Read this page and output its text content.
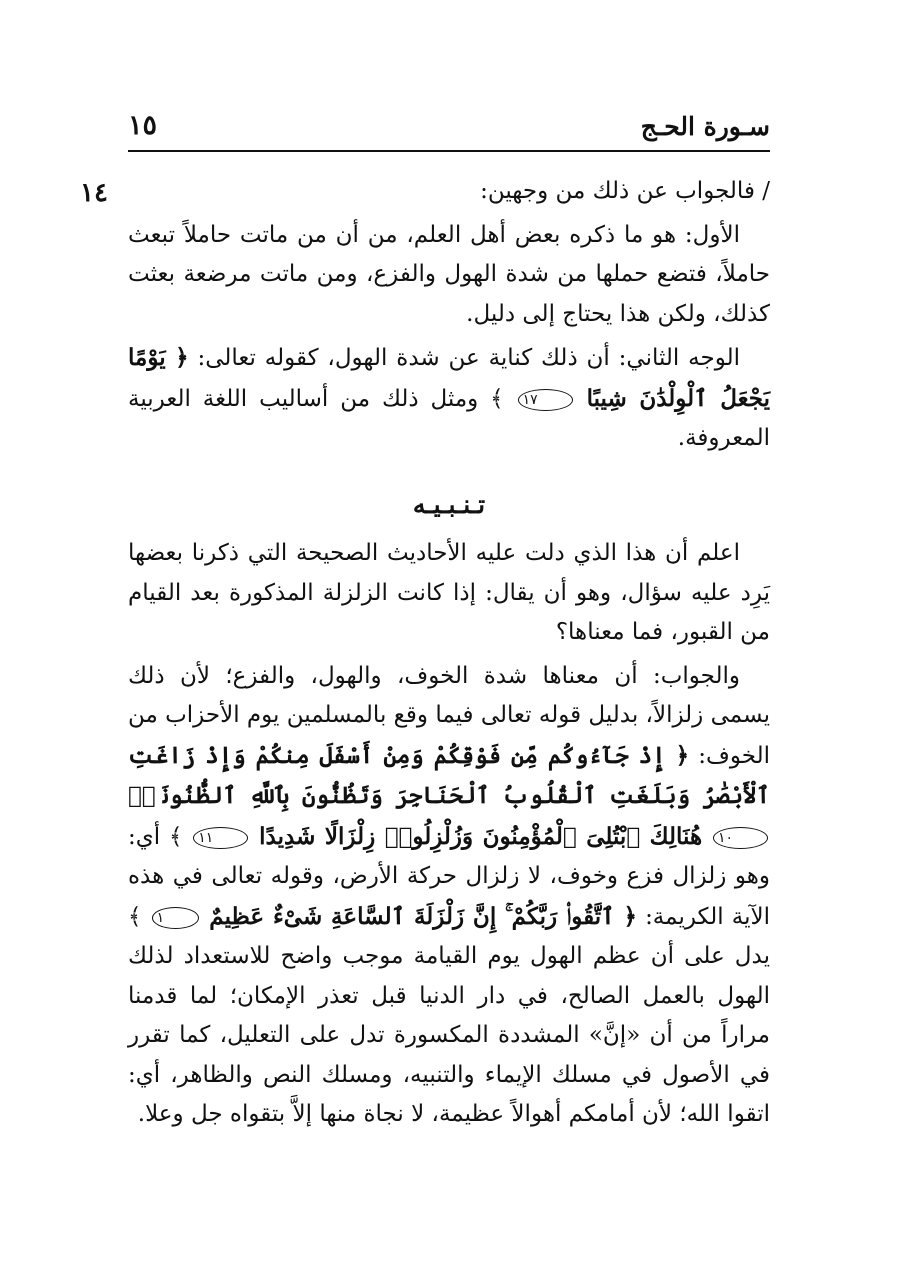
سـورة الحـج
١٥
١٤	/ فالجواب عن ذلك من وجهين:

الأول: هو ما ذكره بعض أهل العلم، من أن من ماتت حاملاً تبعث حاملاً، فتضع حملها من شدة الهول والفزع، ومن ماتت مرضعة بعثت كذلك، ولكن هذا يحتاج إلى دليل.

الوجه الثاني: أن ذلك كناية عن شدة الهول، كقوله تعالى: ﴿ يَوْمًا يَجْعَلُ ٱلْوِلْدَٰنَ شِيبًا ١٧ ﴾ ومثل ذلك من أساليب اللغة العربية المعروفة.

تـنـبـيـه

اعلم أن هذا الذي دلت عليه الأحاديث الصحيحة التي ذكرنا بعضها يَرِد عليه سؤال، وهو أن يقال: إذا كانت الزلزلة المذكورة بعد القيام من القبور، فما معناها؟

والجواب: أن معناها شدة الخوف، والهول، والفزع؛ لأن ذلك يسمى زلزالاً، بدليل قوله تعالى فيما وقع بالمسلمين يوم الأحزاب من الخوف: ﴿ إِذْ جَآءُوكُم مِّن فَوْقِكُمْ وَمِنْ أَسْفَلَ مِنكُمْ وَإِذْ زَاغَتِ ٱلْأَبْصَٰرُ وَبَلَغَتِ ٱلْقُلُوبُ ٱلْحَنَاجِرَ وَتَظُنُّونَ بِٱللَّهِ ٱلظُّنُونَا۠ ١٠ هُنَالِكَ ٱبْتُلِىَ ٱلْمُؤْمِنُونَ وَزُلْزِلُوا۟ زِلْزَالًا شَدِيدًا ١١ ﴾ أي: وهو زلزال فزع وخوف، لا زلزال حركة الأرض، وقوله تعالى في هذه الآية الكريمة: ﴿ ٱتَّقُوا۟ رَبَّكُمْ ۚ إِنَّ زَلْزَلَةَ ٱلسَّاعَةِ شَىْءٌ عَظِيمٌ ١ ﴾ يدل على أن عظم الهول يوم القيامة موجب واضح للاستعداد لذلك الهول بالعمل الصالح، في دار الدنيا قبل تعذر الإمكان؛ لما قدمنا مراراً من أن «إنَّ» المشددة المكسورة تدل على التعليل، كما تقرر في الأصول في مسلك الإيماء والتنبيه، ومسلك النص والظاهر، أي: اتقوا الله؛ لأن أمامكم أهوالاً عظيمة، لا نجاة منها إلاَّ بتقواه جل وعلا.
